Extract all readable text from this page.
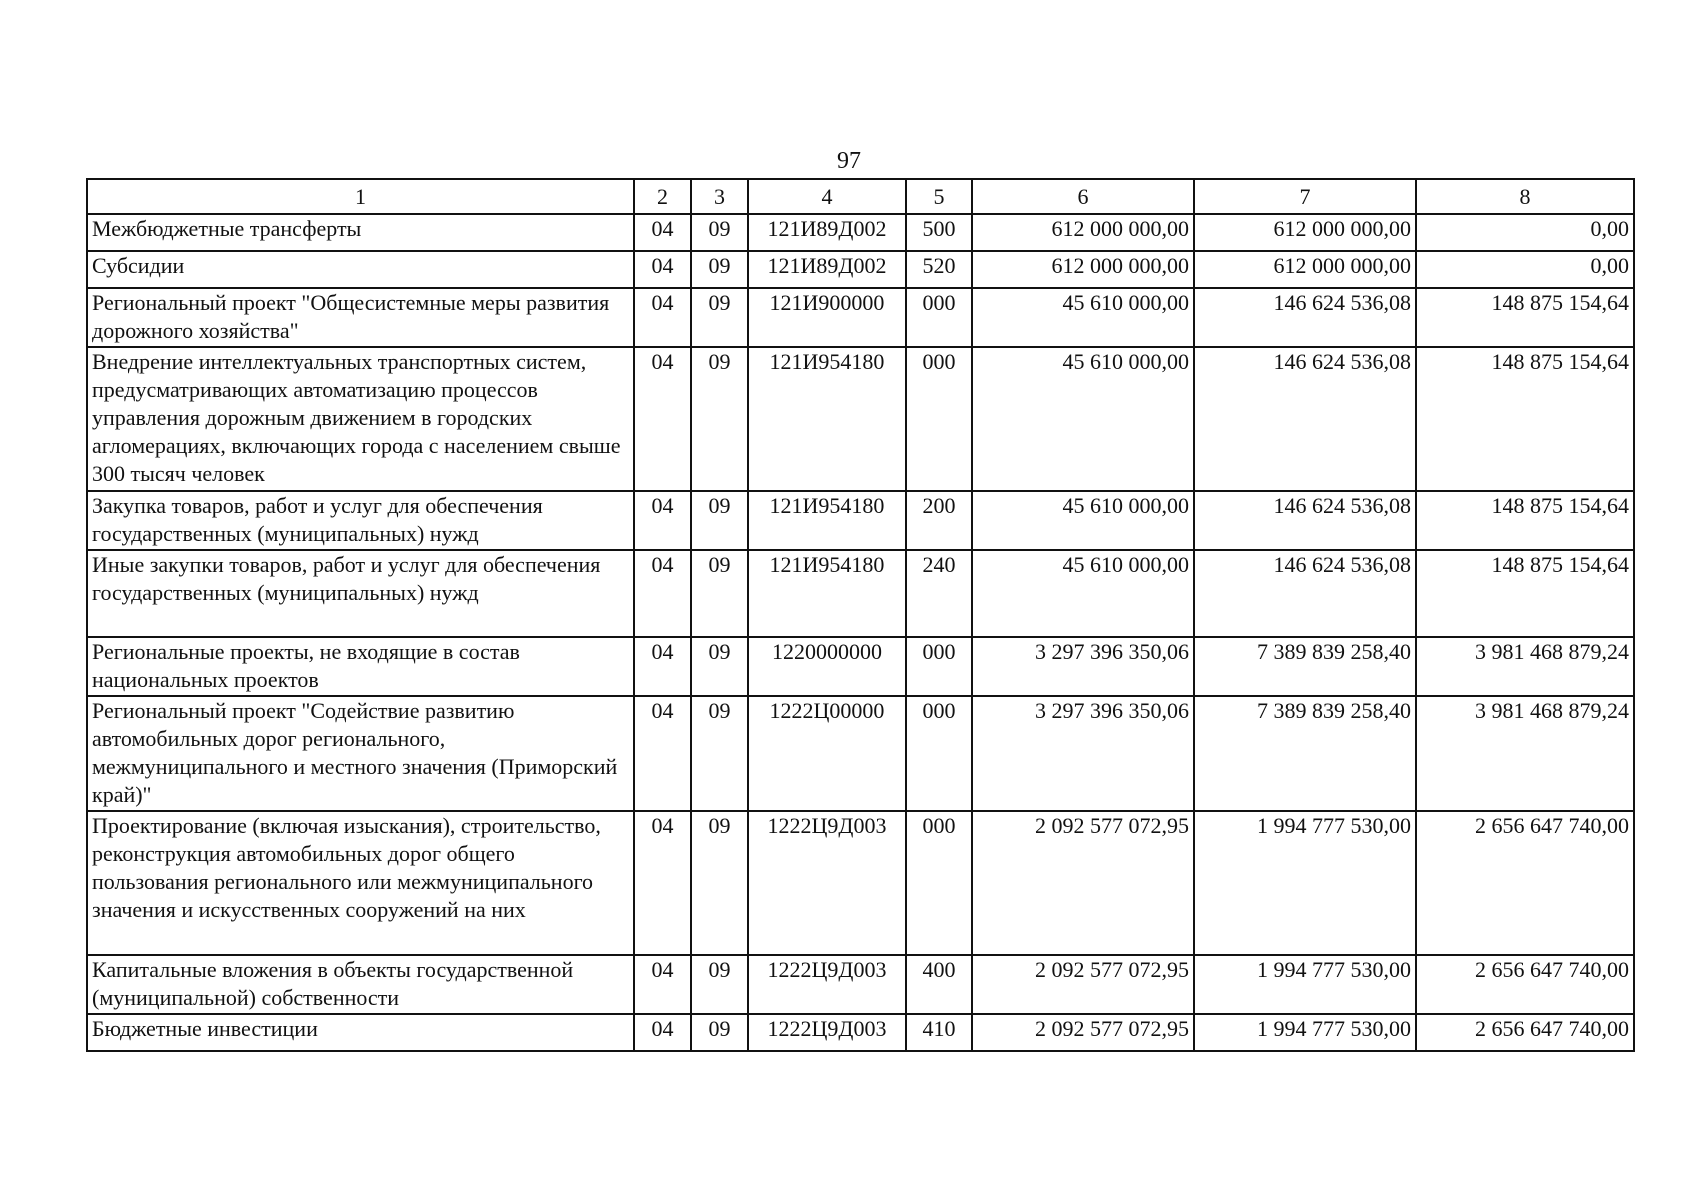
97
1	2	3	4	5	6	7	8
Межбюджетные трансферты	04	09	121И89Д002	500	612 000 000,00	612 000 000,00	0,00
Субсидии	04	09	121И89Д002	520	612 000 000,00	612 000 000,00	0,00
Региональный проект "Общесистемные меры развития дорожного хозяйства"	04	09	121И900000	000	45 610 000,00	146 624 536,08	148 875 154,64
Внедрение интеллектуальных транспортных систем, предусматривающих автоматизацию процессов управления дорожным движением в городских агломерациях, включающих города с населением свыше 300 тысяч человек	04	09	121И954180	000	45 610 000,00	146 624 536,08	148 875 154,64
Закупка товаров, работ и услуг для обеспечения государственных (муниципальных) нужд	04	09	121И954180	200	45 610 000,00	146 624 536,08	148 875 154,64
Иные закупки товаров, работ и услуг для обеспечения государственных (муниципальных) нужд	04	09	121И954180	240	45 610 000,00	146 624 536,08	148 875 154,64
Региональные проекты, не входящие в состав национальных проектов	04	09	1220000000	000	3 297 396 350,06	7 389 839 258,40	3 981 468 879,24
Региональный проект "Содействие развитию автомобильных дорог регионального, межмуниципального и местного значения (Приморский край)"	04	09	1222Ц00000	000	3 297 396 350,06	7 389 839 258,40	3 981 468 879,24
Проектирование (включая изыскания), строительство, реконструкция автомобильных дорог общего пользования регионального или межмуниципального значения и искусственных сооружений на них	04	09	1222Ц9Д003	000	2 092 577 072,95	1 994 777 530,00	2 656 647 740,00
Капитальные вложения в объекты государственной (муниципальной) собственности	04	09	1222Ц9Д003	400	2 092 577 072,95	1 994 777 530,00	2 656 647 740,00
Бюджетные инвестиции	04	09	1222Ц9Д003	410	2 092 577 072,95	1 994 777 530,00	2 656 647 740,00
